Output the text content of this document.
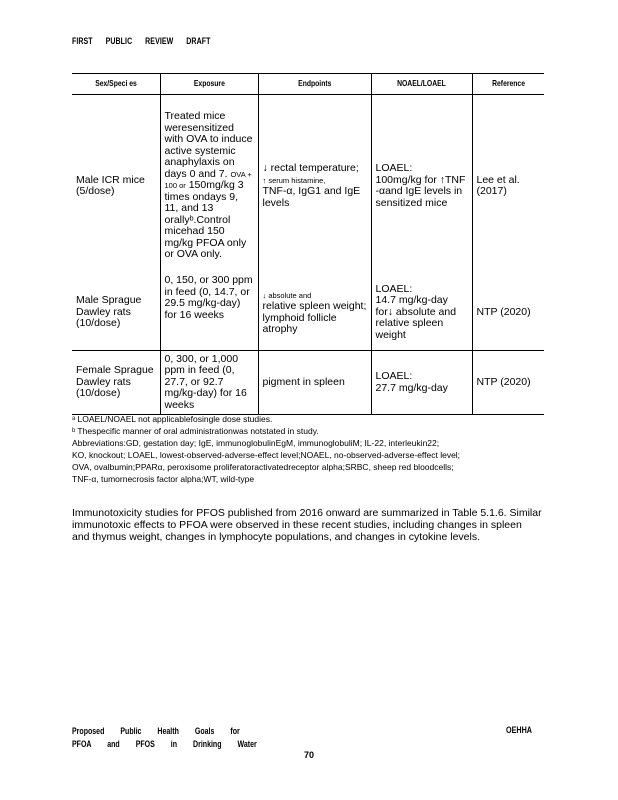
FIRST PUBLIC REVIEW DRAFT
Sex/Speci es	Exposure	Endpoints	NOAEL/LOAEL	Reference
Male ICR mice (5/dose)	Treated mice weresensitized with OVA to induce active systemic anaphylaxis on days 0 and 7. OVA + 100 or 150mg/kg 3 times ondays 9, 11, and 13 orallyᵇ.Control micehad 150 mg/kg PFOA only or OVA only.	↓ rectal temperature;
↑ serum histamine,
TNF-α, IgG1 and IgE levels	LOAEL:
100mg/kg for ↑TNF -αand IgE levels in sensitized mice	Lee et al. (2017)
Male Sprague Dawley rats (10/dose)	0, 150, or 300 ppm in feed (0, 14.7, or 29.5 mg/kg-day) for 16 weeks	↓ absolute and
relative spleen weight; lymphoid follicle atrophy	LOAEL:
14.7 mg/kg-day for↓ absolute and relative spleen weight	NTP (2020)
Female Sprague Dawley rats (10/dose)	0, 300, or 1,000 ppm in feed (0, 27.7, or 92.7 mg/kg-day) for 16 weeks	pigment in spleen	LOAEL:
27.7 mg/kg-day	NTP (2020)
ᵃ LOAEL/NOAEL not applicablefosingle dose studies.
ᵇ Thespecific manner of oral administrationwas notstated in study.
Abbreviations:GD, gestation day; IgE, immunoglobulinEgM, immunoglobuliM; IL-22, interleukin22;
KO, knockout; LOAEL, lowest-observed-adverse-effect level;NOAEL, no-observed-adverse-effect level;
OVA, ovalbumin;PPARα, peroxisome proliferatoractivatedreceptor alpha;SRBC, sheep red bloodcells;
TNF-α, tumornecrosis factor alpha;WT, wild-type

Immunotoxicity studies for PFOS published from 2016 onward are summarized in Table 5.1.6. Similar immunotoxic effects to PFOA were observed in these recent studies, including changes in spleen and thymus weight, changes in lymphocyte populations, and changes in cytokine levels.

Proposed Public Health Goals for
PFOA and PFOS in Drinking Water
OEHHA
70
